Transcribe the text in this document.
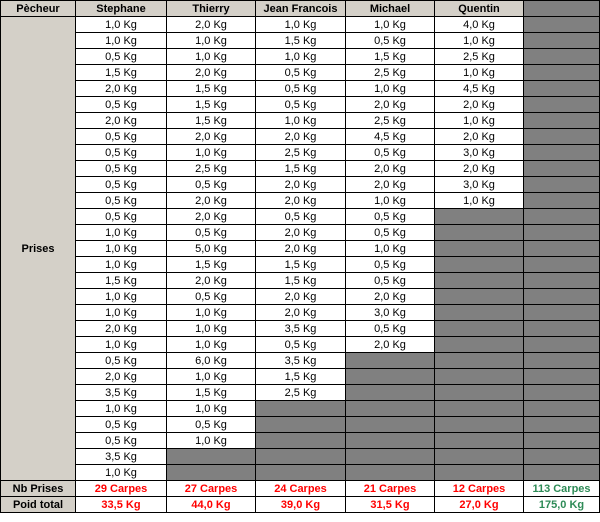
Pècheur	Stephane	Thierry	Jean Francois	Michael	Quentin	
Prises	1,0 Kg	2,0 Kg	1,0 Kg	1,0 Kg	4,0 Kg	
	1,0 Kg	1,0 Kg	1,5 Kg	0,5 Kg	1,0 Kg	
	0,5 Kg	1,0 Kg	1,0 Kg	1,5 Kg	2,5 Kg	
	1,5 Kg	2,0 Kg	0,5 Kg	2,5 Kg	1,0 Kg	
	2,0 Kg	1,5 Kg	0,5 Kg	1,0 Kg	4,5 Kg	
	0,5 Kg	1,5 Kg	0,5 Kg	2,0 Kg	2,0 Kg	
	2,0 Kg	1,5 Kg	1,0 Kg	2,5 Kg	1,0 Kg	
	0,5 Kg	2,0 Kg	2,0 Kg	4,5 Kg	2,0 Kg	
	0,5 Kg	1,0 Kg	2,5 Kg	0,5 Kg	3,0 Kg	
	0,5 Kg	2,5 Kg	1,5 Kg	2,0 Kg	2,0 Kg	
	0,5 Kg	0,5 Kg	2,0 Kg	2,0 Kg	3,0 Kg	
	0,5 Kg	2,0 Kg	2,0 Kg	1,0 Kg	1,0 Kg	
	0,5 Kg	2,0 Kg	0,5 Kg	0,5 Kg		
	1,0 Kg	0,5 Kg	2,0 Kg	0,5 Kg		
	1,0 Kg	5,0 Kg	2,0 Kg	1,0 Kg		
	1,0 Kg	1,5 Kg	1,5 Kg	0,5 Kg		
	1,5 Kg	2,0 Kg	1,5 Kg	0,5 Kg		
	1,0 Kg	0,5 Kg	2,0 Kg	2,0 Kg		
	1,0 Kg	1,0 Kg	2,0 Kg	3,0 Kg		
	2,0 Kg	1,0 Kg	3,5 Kg	0,5 Kg		
	1,0 Kg	1,0 Kg	0,5 Kg	2,0 Kg		
	0,5 Kg	6,0 Kg	3,5 Kg			
	2,0 Kg	1,0 Kg	1,5 Kg			
	3,5 Kg	1,5 Kg	2,5 Kg			
	1,0 Kg	1,0 Kg				
	0,5 Kg	0,5 Kg				
	0,5 Kg	1,0 Kg				
	3,5 Kg					
	1,0 Kg					
Nb Prises	29 Carpes	27 Carpes	24 Carpes	21 Carpes	12 Carpes	113 Carpes
Poid total	33,5 Kg	44,0 Kg	39,0 Kg	31,5 Kg	27,0 Kg	175,0 Kg
